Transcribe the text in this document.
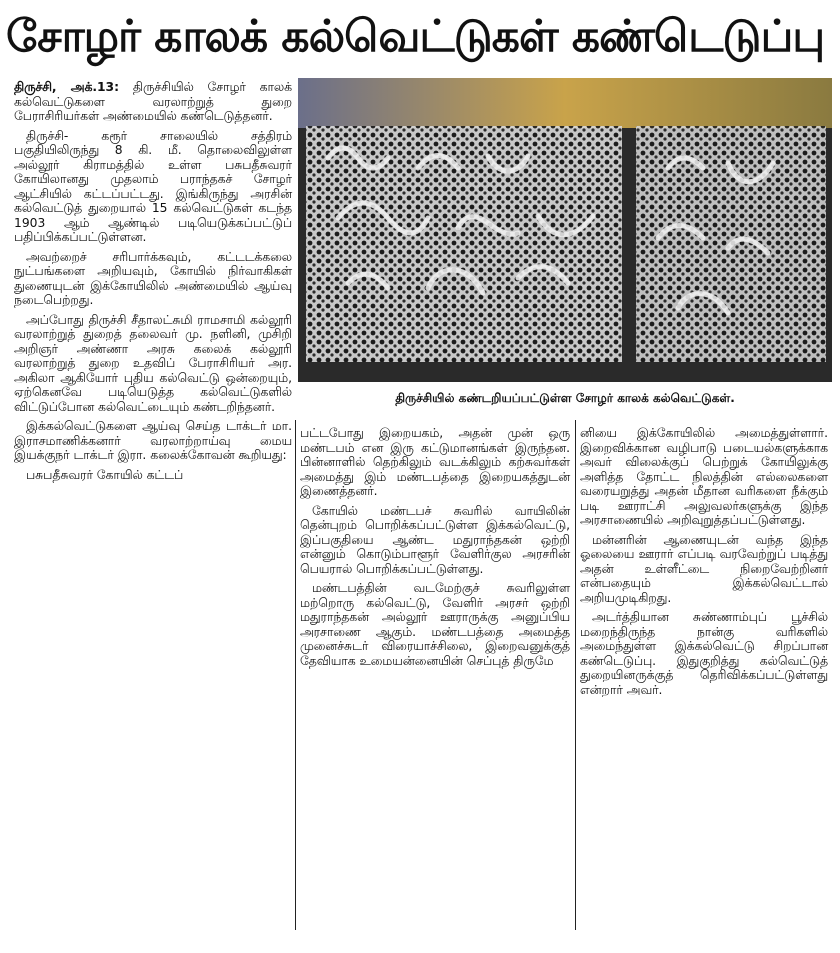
சோழர் காலக் கல்வெட்டுகள் கண்டெடுப்பு
திருச்சியில் கண்டறியப்பட்டுள்ள சோழர் காலக் கல்வெட்டுகள்.

திருச்சி, அக்.13: திருச்சியில் சோழர் காலக் கல்வெட்டுகளை வரலாற்றுத் துறை பேராசிரியர்கள் அண்மையில் கண்டெடுத்தனர்.

திருச்சி- கரூர் சாலையில் சத்திரம் பகுதியிலிருந்து 8 கி. மீ. தொலைவிலுள்ள அல்லூர் கிராமத்தில் உள்ள பசுபதீசுவரர் கோயிலானது முதலாம் பராந்தகச் சோழர் ஆட்சியில் கட்டப்பட்டது. இங்கிருந்து அரசின் கல்வெட்டுத் துறையால் 15 கல்வெட்டுகள் கடந்த 1903 ஆம் ஆண்டில் படியெடுக்கப்பட்டுப் பதிப்பிக்கப்பட்டுள்ளன.

அவற்றைச் சரிபார்க்கவும், கட்டடக்கலை நுட்பங்களை அறியவும், கோயில் நிர்வாகிகள் துணையுடன் இக்கோயிலில் அண்மையில் ஆய்வு நடைபெற்றது.

அப்போது திருச்சி சீதாலட்சுமி ராமசாமி கல்லூரி வரலாற்றுத் துறைத் தலைவர் மு. நளினி, முசிறி அறிஞர் அண்ணா அரசு கலைக் கல்லூரி வரலாற்றுத் துறை உதவிப் பேராசிரியர் அர. அகிலா ஆகியோர் புதிய கல்வெட்டு ஒன்றையும், ஏற்கெனவே படியெடுத்த கல்வெட்டுகளில் விட்டுப்போன கல்வெட்டையும் கண்டறிந்தனர்.

இக்கல்வெட்டுகளை ஆய்வு செய்த டாக்டர் மா. இராசமாணிக்கனார் வரலாற்றாய்வு மைய இயக்குநர் டாக்டர் இரா. கலைக்கோவன் கூறியது:

பசுபதீசுவரர் கோயில் கட்டப்

பட்டபோது இறையகம், அதன் முன் ஒரு மண்டபம் என இரு கட்டுமானங்கள் இருந்தன. பின்னாளில் தெற்கிலும் வடக்கிலும் கற்சுவர்கள் அமைத்து இம் மண்டபத்தை இறையகத்துடன் இணைத்தனர்.

கோயில் மண்டபச் சுவரில் வாயிலின் தென்புறம் பொறிக்கப்பட்டுள்ள இக்கல்வெட்டு, இப்பகுதியை ஆண்ட மதுராந்தகன் ஒற்றி என்னும் கொடும்பாளூர் வேளிர்குல அரசரின் பெயரால் பொறிக்கப்பட்டுள்ளது.

மண்டபத்தின் வடமேற்குச் சுவரிலுள்ள மற்றொரு கல்வெட்டு, வேளிர் அரசர் ஒற்றி மதுராந்தகன் அல்லூர் ஊராருக்கு அனுப்பிய அரசாணை ஆகும். மண்டபத்தை அமைத்த முனைச்சுடர் விரையாச்சிலை, இறைவனுக்குத் தேவியாக உமையன்னையின் செப்புத் திருமே

னியை இக்கோயிலில் அமைத்துள்ளார். இறைவிக்கான வழிபாடு படையல்களுக்காக அவர் விலைக்குப் பெற்றுக் கோயிலுக்கு அளித்த தோட்ட நிலத்தின் எல்லைகளை வரையறுத்து அதன் மீதான வரிகளை நீக்கும் படி ஊராட்சி அலுவலர்களுக்கு இந்த அரசாணையில் அறிவுறுத்தப்பட்டுள்ளது.

மன்னரின் ஆணையுடன் வந்த இந்த ஓலையை ஊரார் எப்படி வரவேற்றுப் படித்து அதன் உள்ளீட்டை நிறைவேற்றினர் என்பதையும் இக்கல்வெட்டால் அறியமுடிகிறது.

அடர்த்தியான சுண்ணாம்புப் பூச்சில் மறைந்திருந்த நான்கு வரிகளில் அமைந்துள்ள இக்கல்வெட்டு சிறப்பான கண்டெடுப்பு. இதுகுறித்து கல்வெட்டுத் துறையினருக்குத் தெரிவிக்கப்பட்டுள்ளது என்றார் அவர்.
